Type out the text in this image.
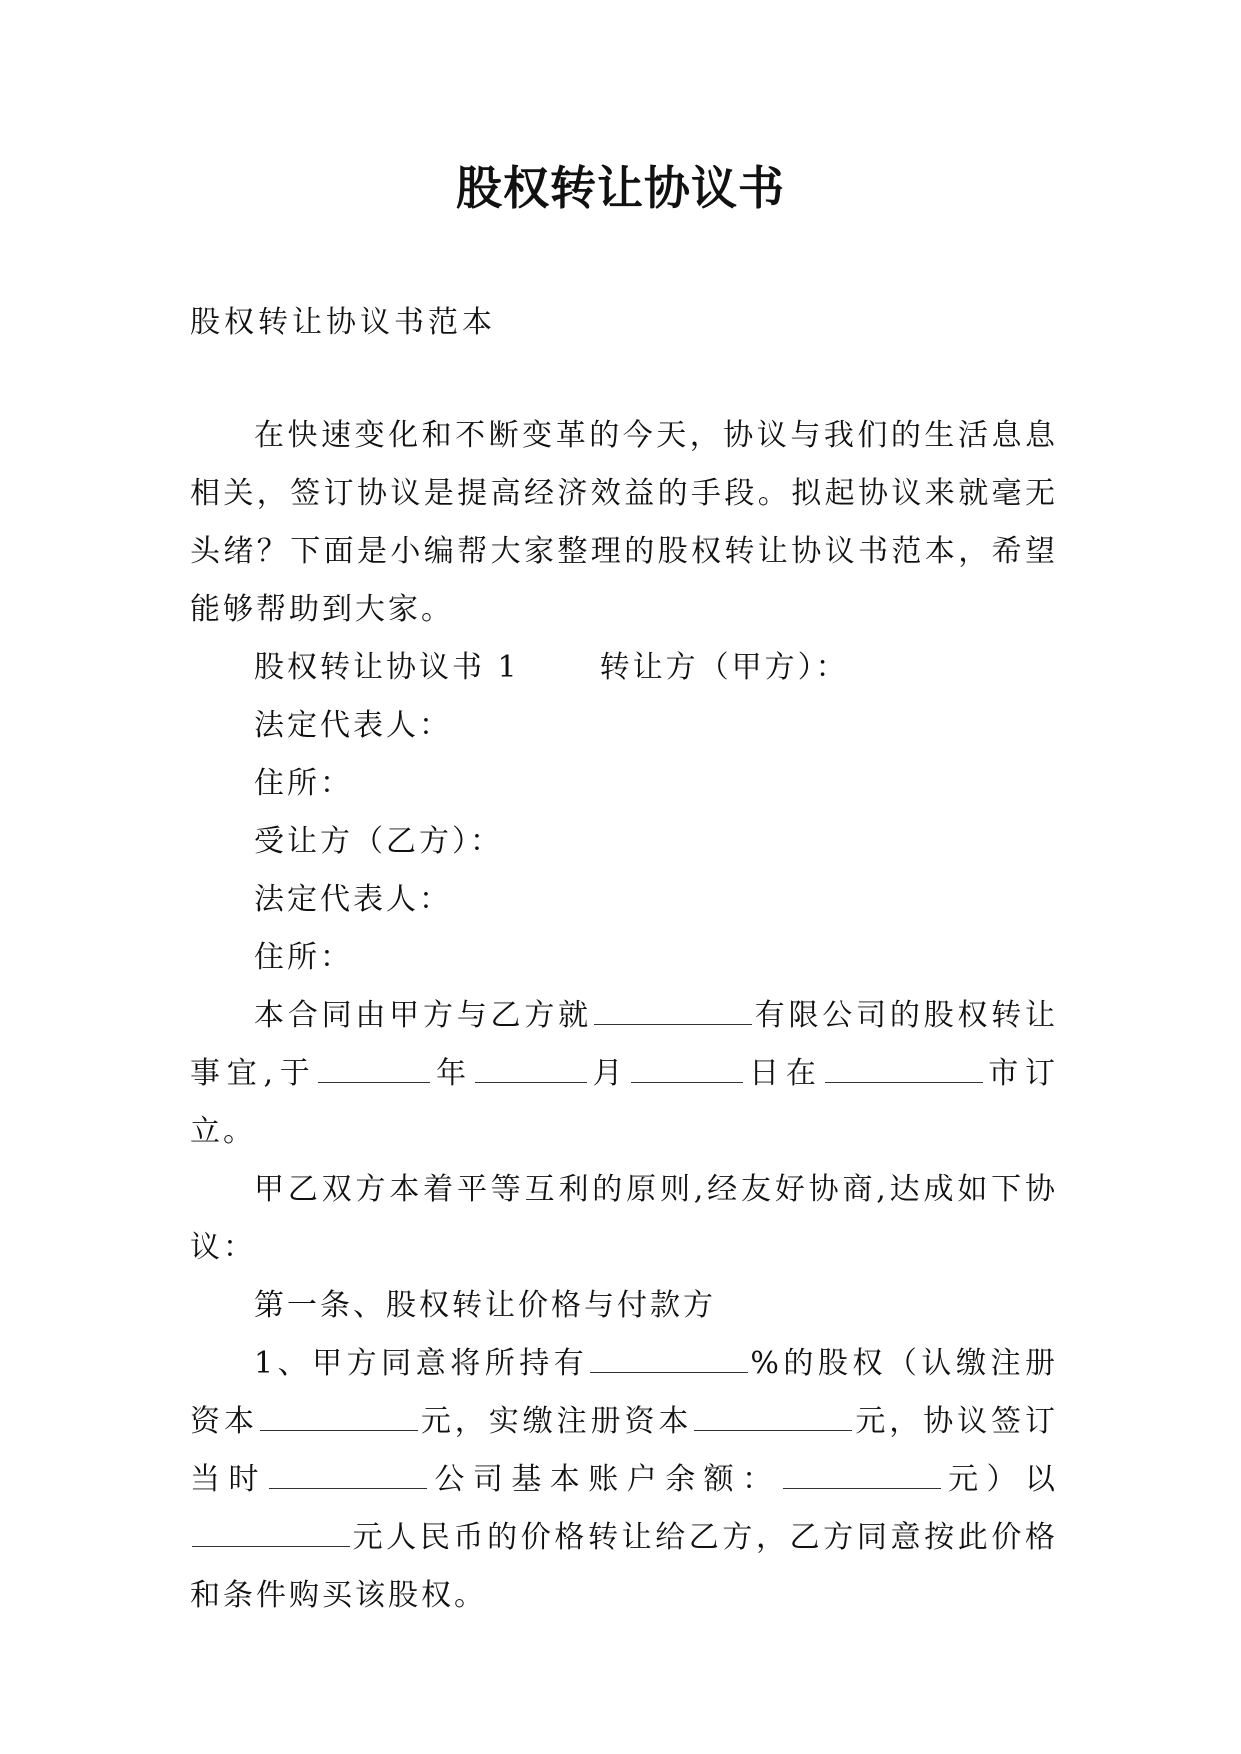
股权转让协议书
股权转让协议书范本

在快速变化和不断变革的今天，协议与我们的生活息息相关，签订协议是提高经济效益的手段。拟起协议来就毫无头绪？下面是小编帮大家整理的股权转让协议书范本，希望能够帮助到大家。

股权转让协议书 1	转让方（甲方）：

法定代表人：

住所：

受让方（乙方）：

法定代表人：

住所：

本合同由甲方与乙方就	有限公司的股权转让事宜,于	年	月	日在	市订立。

甲乙双方本着平等互利的原则,经友好协商,达成如下协议：

第一条、股权转让价格与付款方

1、甲方同意将所持有	%的股权（认缴注册资本	元，实缴注册资本	元，协议签订当时	公司基本账户余额：	元）以元人民币的价格转让给乙方，乙方同意按此价格和条件购买该股权。
